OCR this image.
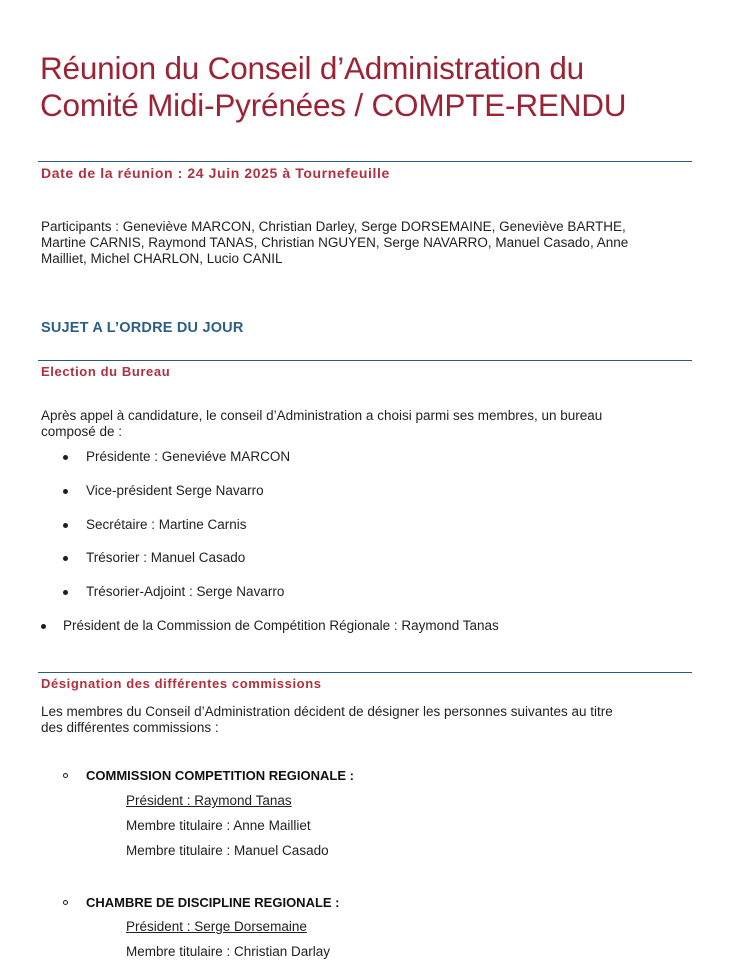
Réunion du Conseil d’Administration du
Comité Midi-Pyrénées / COMPTE-RENDU
Date de la réunion : 24 Juin 2025 à Tournefeuille
Participants : Geneviève MARCON, Christian Darley, Serge DORSEMAINE, Geneviève BARTHE,
Martine CARNIS, Raymond TANAS, Christian NGUYEN, Serge NAVARRO, Manuel Casado, Anne
Mailliet, Michel CHARLON, Lucio CANIL
SUJET A L’ORDRE DU JOUR
Election du Bureau
Après appel à candidature, le conseil d’Administration a choisi parmi ses membres, un bureau
composé de :
Présidente : Geneviéve MARCON
Vice-président Serge Navarro
Secrétaire : Martine Carnis
Trésorier : Manuel Casado
Trésorier-Adjoint : Serge Navarro
Président de la Commission de Compétition Régionale : Raymond Tanas
Désignation des différentes commissions
Les membres du Conseil d’Administration décident de désigner les personnes suivantes au titre
des différentes commissions :
COMMISSION COMPETITION REGIONALE :
Président : Raymond Tanas
Membre titulaire : Anne Mailliet
Membre titulaire : Manuel Casado
CHAMBRE DE DISCIPLINE REGIONALE :
Président : Serge Dorsemaine
Membre titulaire : Christian Darlay
